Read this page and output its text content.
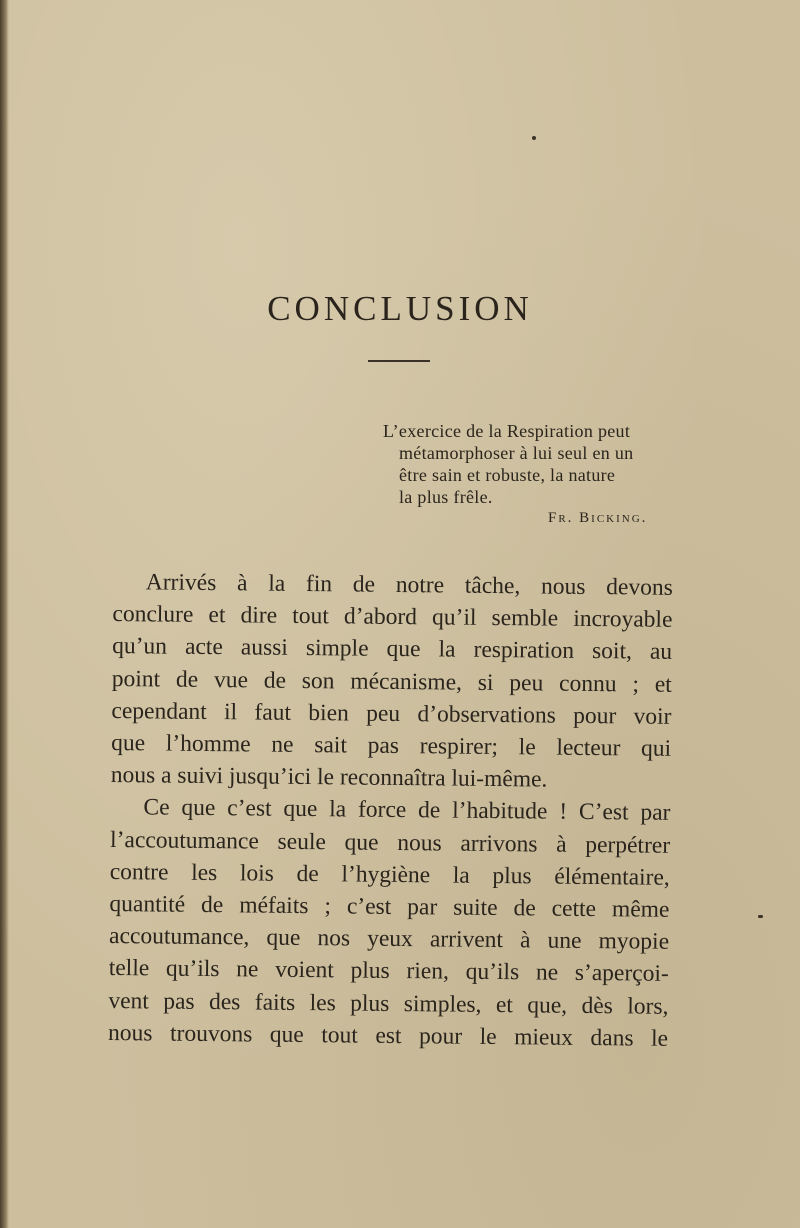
CONCLUSION
L’exercice de la Respiration peut
métamorphoser à lui seul en un
être sain et robuste, la nature
la plus frêle.
Fr. Bicking.
Arrivés à la fin de notre tâche, nous devons
conclure et dire tout d’abord qu’il semble incroyable
qu’un acte aussi simple que la respiration soit, au
point de vue de son mécanisme, si peu connu ; et
cependant il faut bien peu d’observations pour voir
que l’homme ne sait pas respirer; le lecteur qui
nous a suivi jusqu’ici le reconnaîtra lui-même.
Ce que c’est que la force de l’habitude ! C’est par
l’accoutumance seule que nous arrivons à perpétrer
contre les lois de l’hygiène la plus élémentaire,
quantité de méfaits ; c’est par suite de cette même
accoutumance, que nos yeux arrivent à une myopie
telle qu’ils ne voient plus rien, qu’ils ne s’aperçoi-
vent pas des faits les plus simples, et que, dès lors,
nous trouvons que tout est pour le mieux dans le
